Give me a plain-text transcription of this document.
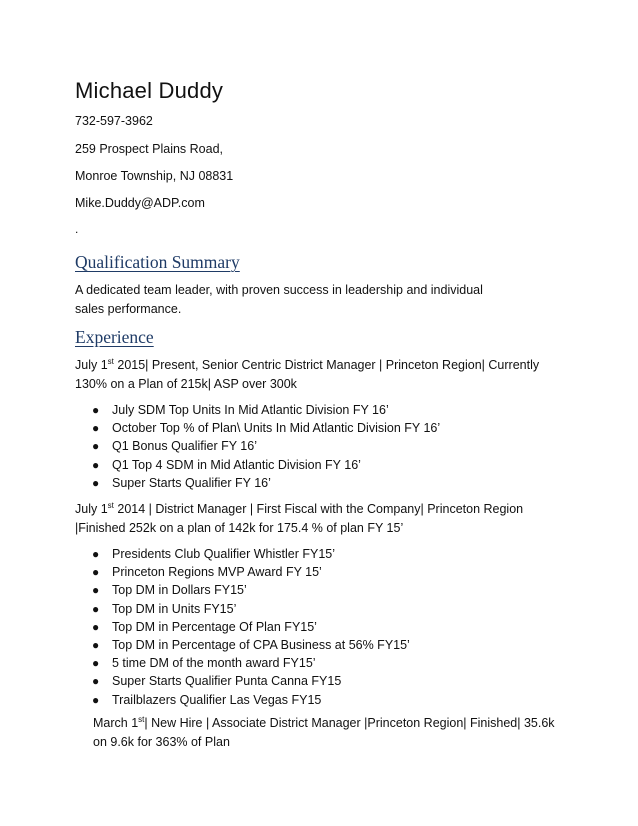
Michael Duddy
732-597-3962
259 Prospect Plains Road,
Monroe Township, NJ 08831
Mike.Duddy@ADP.com
.
Qualification Summary
A dedicated team leader, with proven success in leadership and individual sales performance.
Experience
July 1st 2015| Present, Senior Centric District Manager | Princeton Region| Currently 130% on a Plan of 215k| ASP over 300k
● July SDM Top Units In Mid Atlantic Division FY 16’
● October Top % of Plan\ Units In Mid Atlantic Division FY 16’
● Q1 Bonus Qualifier FY 16’
● Q1 Top 4 SDM in Mid Atlantic Division FY 16’
● Super Starts Qualifier FY 16’
July 1st 2014 | District Manager | First Fiscal with the Company| Princeton Region |Finished 252k on a plan of 142k for 175.4 % of plan FY 15’
● Presidents Club Qualifier Whistler FY15’
● Princeton Regions MVP Award FY 15’
● Top DM in Dollars FY15’
● Top DM in Units FY15’
● Top DM in Percentage Of Plan FY15’
● Top DM in Percentage of CPA Business at 56% FY15’
● 5 time DM of the month award FY15’
● Super Starts Qualifier Punta Canna FY15
● Trailblazers Qualifier Las Vegas FY15
March 1st| New Hire | Associate District Manager |Princeton Region| Finished| 35.6k on 9.6k for 363% of Plan
